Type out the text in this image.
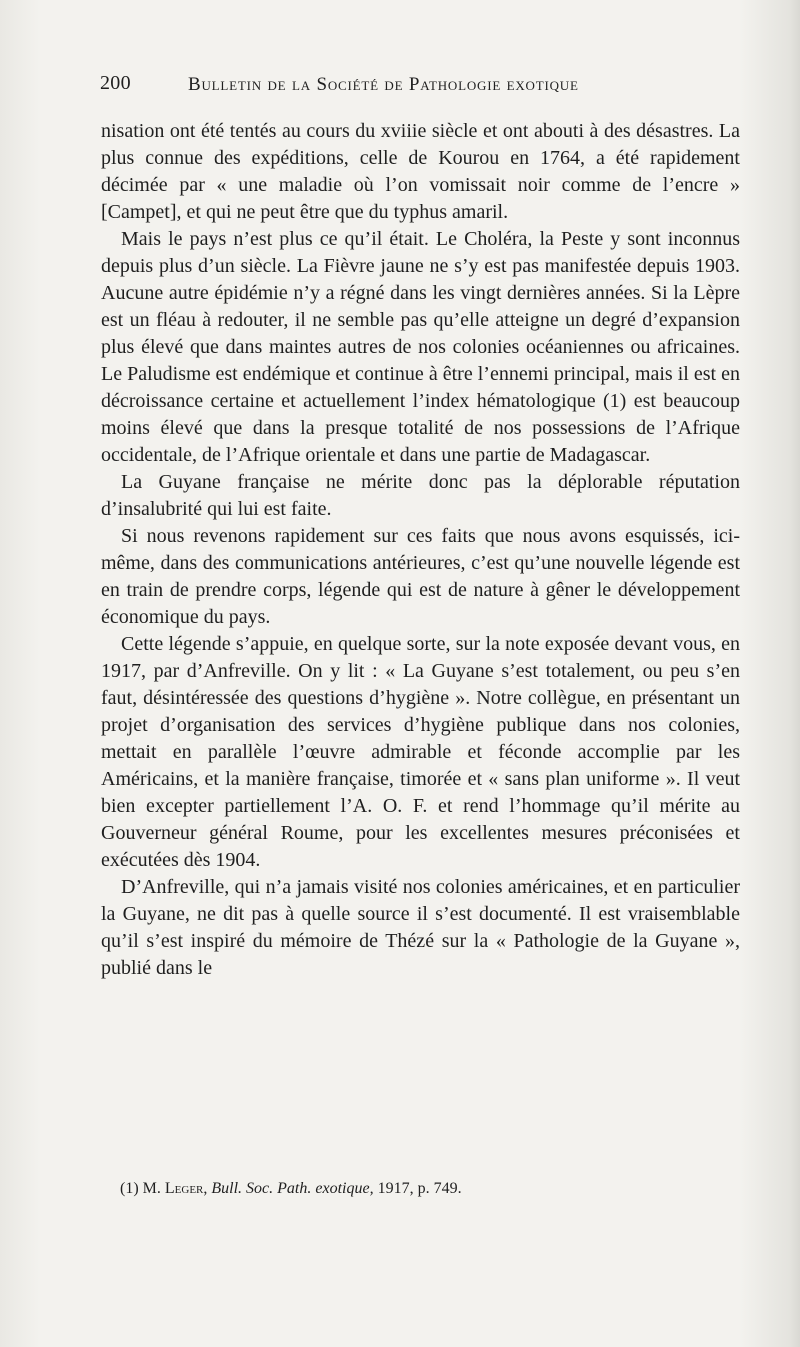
200	Bulletin de la Société de Pathologie exotique

nisation ont été tentés au cours du xviiie siècle et ont abouti à des désastres. La plus connue des expéditions, celle de Kourou en 1764, a été rapidement décimée par « une maladie où l’on vomissait noir comme de l’encre » [Campet], et qui ne peut être que du typhus amaril.

Mais le pays n’est plus ce qu’il était. Le Choléra, la Peste y sont inconnus depuis plus d’un siècle. La Fièvre jaune ne s’y est pas manifestée depuis 1903. Aucune autre épidémie n’y a régné dans les vingt dernières années. Si la Lèpre est un fléau à redouter, il ne semble pas qu’elle atteigne un degré d’expansion plus élevé que dans maintes autres de nos colonies océaniennes ou africaines. Le Paludisme est endémique et continue à être l’ennemi principal, mais il est en décroissance certaine et actuellement l’index hématologique (1) est beaucoup moins élevé que dans la presque totalité de nos possessions de l’Afrique occidentale, de l’Afrique orientale et dans une partie de Madagascar.

La Guyane française ne mérite donc pas la déplorable réputation d’insalubrité qui lui est faite.

Si nous revenons rapidement sur ces faits que nous avons esquissés, ici-même, dans des communications antérieures, c’est qu’une nouvelle légende est en train de prendre corps, légende qui est de nature à gêner le développement économique du pays.

Cette légende s’appuie, en quelque sorte, sur la note exposée devant vous, en 1917, par d’Anfreville. On y lit : « La Guyane s’est totalement, ou peu s’en faut, désintéressée des questions d’hygiène ». Notre collègue, en présentant un projet d’organisation des services d’hygiène publique dans nos colonies, mettait en parallèle l’œuvre admirable et féconde accomplie par les Américains, et la manière française, timorée et « sans plan uniforme ». Il veut bien excepter partiellement l’A. O. F. et rend l’hommage qu’il mérite au Gouverneur général Roume, pour les excellentes mesures préconisées et exécutées dès 1904.

D’Anfreville, qui n’a jamais visité nos colonies américaines, et en particulier la Guyane, ne dit pas à quelle source il s’est documenté. Il est vraisemblable qu’il s’est inspiré du mémoire de Thézé sur la « Pathologie de la Guyane », publié dans le

(1) M. Leger, Bull. Soc. Path. exotique, 1917, p. 749.
